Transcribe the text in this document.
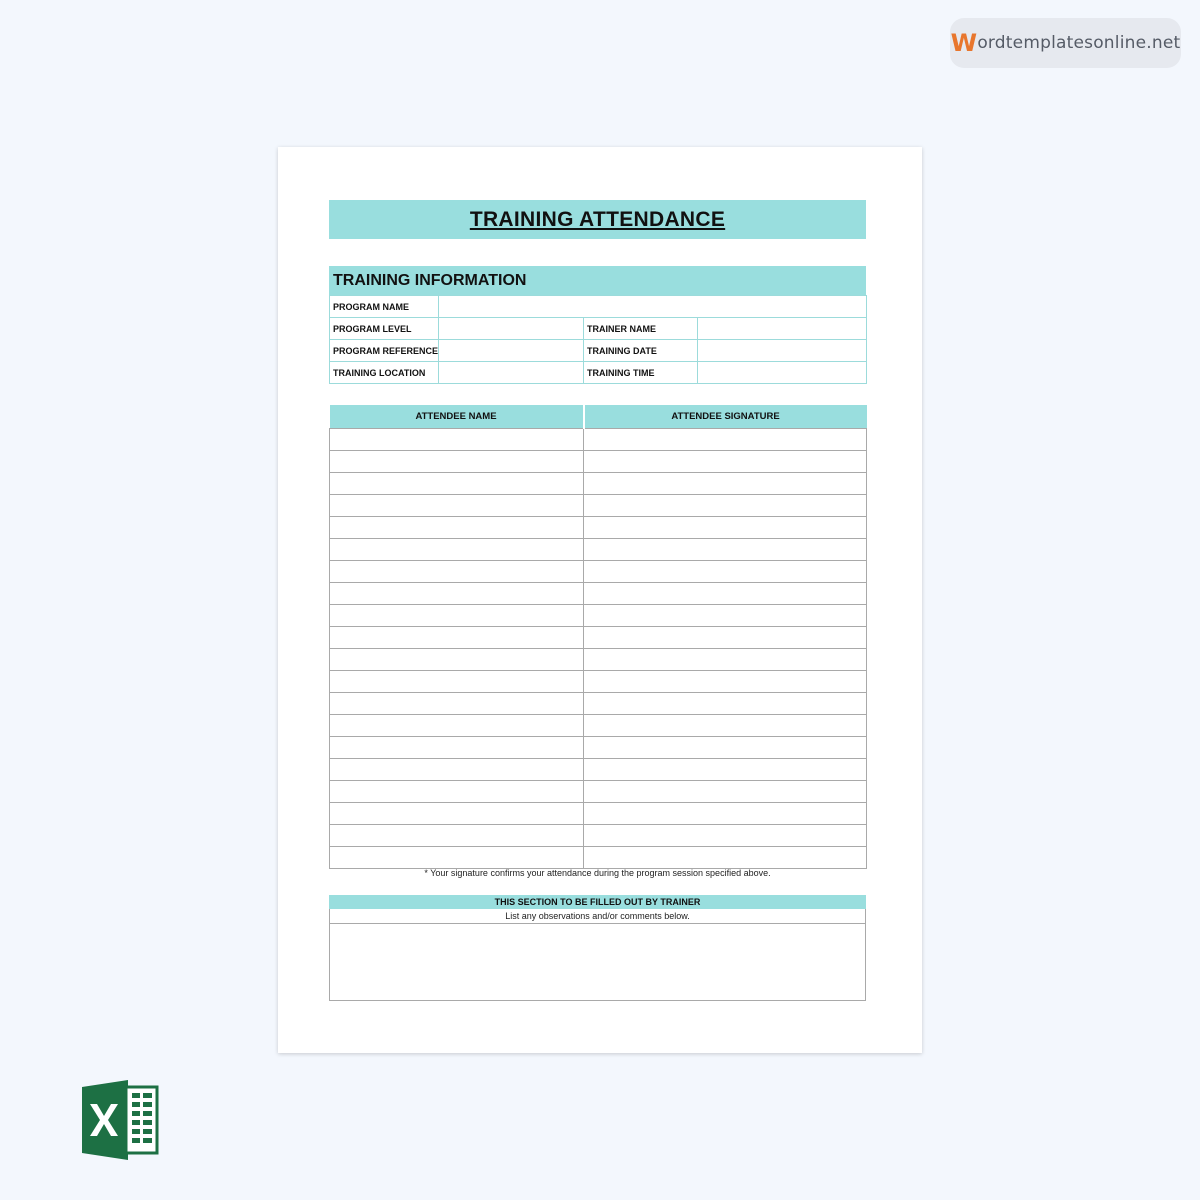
W ordtemplatesonline.net
TRAINING ATTENDANCE
TRAINING INFORMATION
PROGRAM NAME			
PROGRAM LEVEL		TRAINER NAME	
PROGRAM REFERENCE		TRAINING DATE	
TRAINING LOCATION		TRAINING TIME	
ATTENDEE NAME	ATTENDEE SIGNATURE

* Your signature confirms your attendance during the program session specified above.
THIS SECTION TO BE FILLED OUT BY TRAINER
List any observations and/or comments below.
